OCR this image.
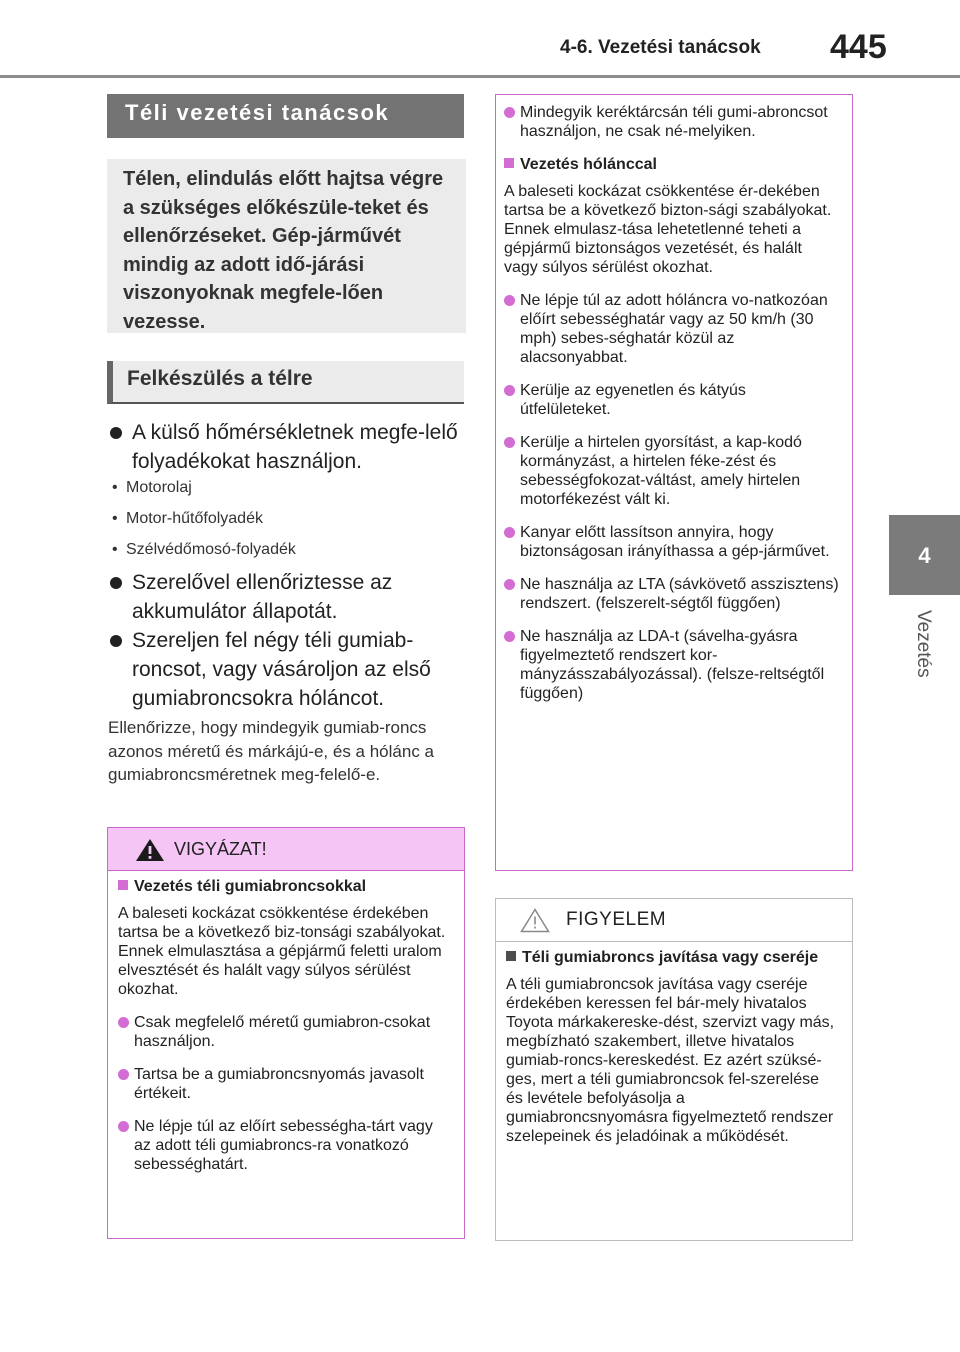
4-6. Vezetési tanácsok 445
4
Vezetés
Téli vezetési tanácsok
Télen, elindulás előtt hajtsa végre a szükséges előkészüle-teket és ellenőrzéseket. Gép-járművét mindig az adott idő-járási viszonyoknak megfele-lően vezesse.
Felkészülés a télre
A külső hőmérsékletnek megfe-lelő folyadékokat használjon.
• Motorolaj
• Motor-hűtőfolyadék
• Szélvédőmosó-folyadék
Szerelővel ellenőriztesse az akkumulátor állapotát.
Szereljen fel négy téli gumiab-roncsot, vagy vásároljon az első gumiabroncsokra hóláncot.
Ellenőrizze, hogy mindegyik gumiab-roncs azonos méretű és márkájú-e, és a hólánc a gumiabroncsméretnek meg-felelő-e.
VIGYÁZAT!
Vezetés téli gumiabroncsokkal
A baleseti kockázat csökkentése érdekében tartsa be a következő biz-tonsági szabályokat. Ennek elmulasztása a gépjármű feletti uralom elvesztését és halált vagy súlyos sérülést okozhat.
Csak megfelelő méretű gumiabron-csokat használjon.
Tartsa be a gumiabroncsnyomás javasolt értékeit.
Ne lépje túl az előírt sebességha-tárt vagy az adott téli gumiabroncs-ra vonatkozó sebességhatárt.
Mindegyik keréktárcsán téli gumi-abroncsot használjon, ne csak né-melyiken.
Vezetés hólánccal
A baleseti kockázat csökkentése ér-dekében tartsa be a következő bizton-sági szabályokat. Ennek elmulasz-tása lehetetlenné teheti a gépjármű biztonságos vezetését, és halált vagy súlyos sérülést okozhat.
Ne lépje túl az adott hóláncra vo-natkozóan előírt sebességhatár vagy az 50 km/h (30 mph) sebes-séghatár közül az alacsonyabbat.
Kerülje az egyenetlen és kátyús útfelületeket.
Kerülje a hirtelen gyorsítást, a kap-kodó kormányzást, a hirtelen féke-zést és sebességfokozat-váltást, amely hirtelen motorfékezést vált ki.
Kanyar előtt lassítson annyira, hogy biztonságosan irányíthassa a gép-járművet.
Ne használja az LTA (sávkövető asszisztens) rendszert. (felszerelt-ségtől függően)
Ne használja az LDA-t (sávelha-gyásra figyelmeztető rendszert kor-mányzásszabályozással). (felsze-reltségtől függően)
FIGYELEM
Téli gumiabroncs javítása vagy cseréje
A téli gumiabroncsok javítása vagy cseréje érdekében keressen fel bár-mely hivatalos Toyota márkakereske-dést, szervizt vagy más, megbízható szakembert, illetve hivatalos gumiab-roncs-kereskedést. Ez azért szüksé-ges, mert a téli gumiabroncsok fel-szerelése és levétele befolyásolja a gumiabroncsnyomásra figyelmeztető rendszer szelepeinek és jeladóinak a működését.
